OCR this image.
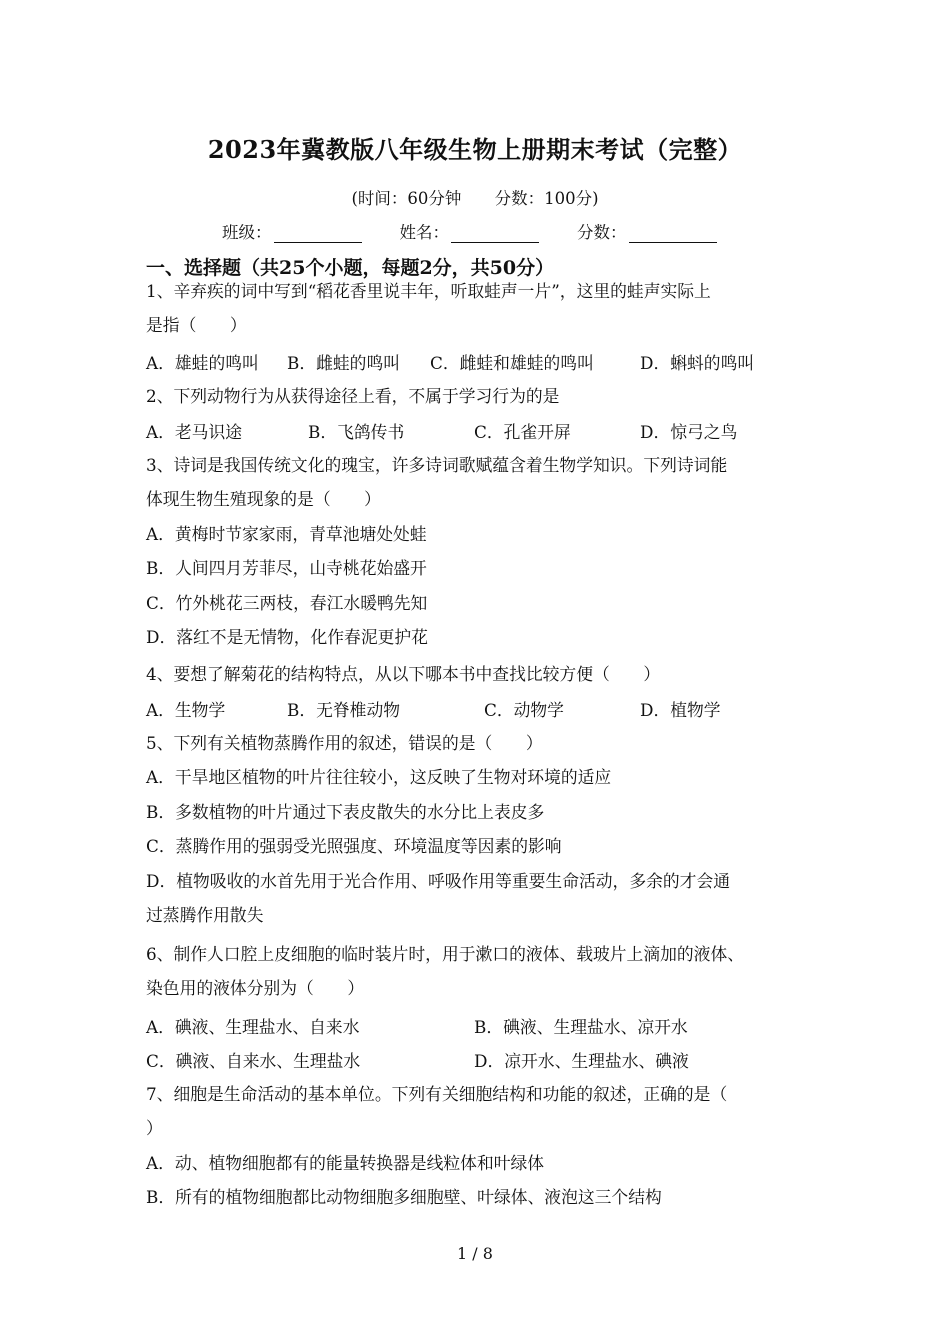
2023年冀教版八年级生物上册期末考试（完整）
(时间：60分钟 分数：100分)
班级：	姓名：	分数：
一、选择题（共25个小题，每题2分，共50分）
1、辛弃疾的词中写到“稻花香里说丰年，听取蛙声一片”，这里的蛙声实际上
是指（　　）
A．雄蛙的鸣叫 B．雌蛙的鸣叫 C．雌蛙和雄蛙的鸣叫	D．蝌蚪的鸣叫
2、下列动物行为从获得途径上看，不属于学习行为的是
A．老马识途	B．飞鸽传书	C．孔雀开屏	D．惊弓之鸟
3、诗词是我国传统文化的瑰宝，许多诗词歌赋蕴含着生物学知识。下列诗词能
体现生物生殖现象的是（　　）
A．黄梅时节家家雨，青草池塘处处蛙
B．人间四月芳菲尽，山寺桃花始盛开
C．竹外桃花三两枝，春江水暖鸭先知
D．落红不是无情物，化作春泥更护花
4、要想了解菊花的结构特点，从以下哪本书中查找比较方便（　　）
A．生物学	B．无脊椎动物	C．动物学	D．植物学
5、下列有关植物蒸腾作用的叙述，错误的是（　　）
A．干旱地区植物的叶片往往较小，这反映了生物对环境的适应
B．多数植物的叶片通过下表皮散失的水分比上表皮多
C．蒸腾作用的强弱受光照强度、环境温度等因素的影响
D．植物吸收的水首先用于光合作用、呼吸作用等重要生命活动，多余的才会通
过蒸腾作用散失
6、制作人口腔上皮细胞的临时装片时，用于漱口的液体、载玻片上滴加的液体、
染色用的液体分别为（　　）
A．碘液、生理盐水、自来水	B．碘液、生理盐水、凉开水
C．碘液、自来水、生理盐水	D．凉开水、生理盐水、碘液
7、细胞是生命活动的基本单位。下列有关细胞结构和功能的叙述，正确的是（
）
A．动、植物细胞都有的能量转换器是线粒体和叶绿体
B．所有的植物细胞都比动物细胞多细胞壁、叶绿体、液泡这三个结构
1 / 8
